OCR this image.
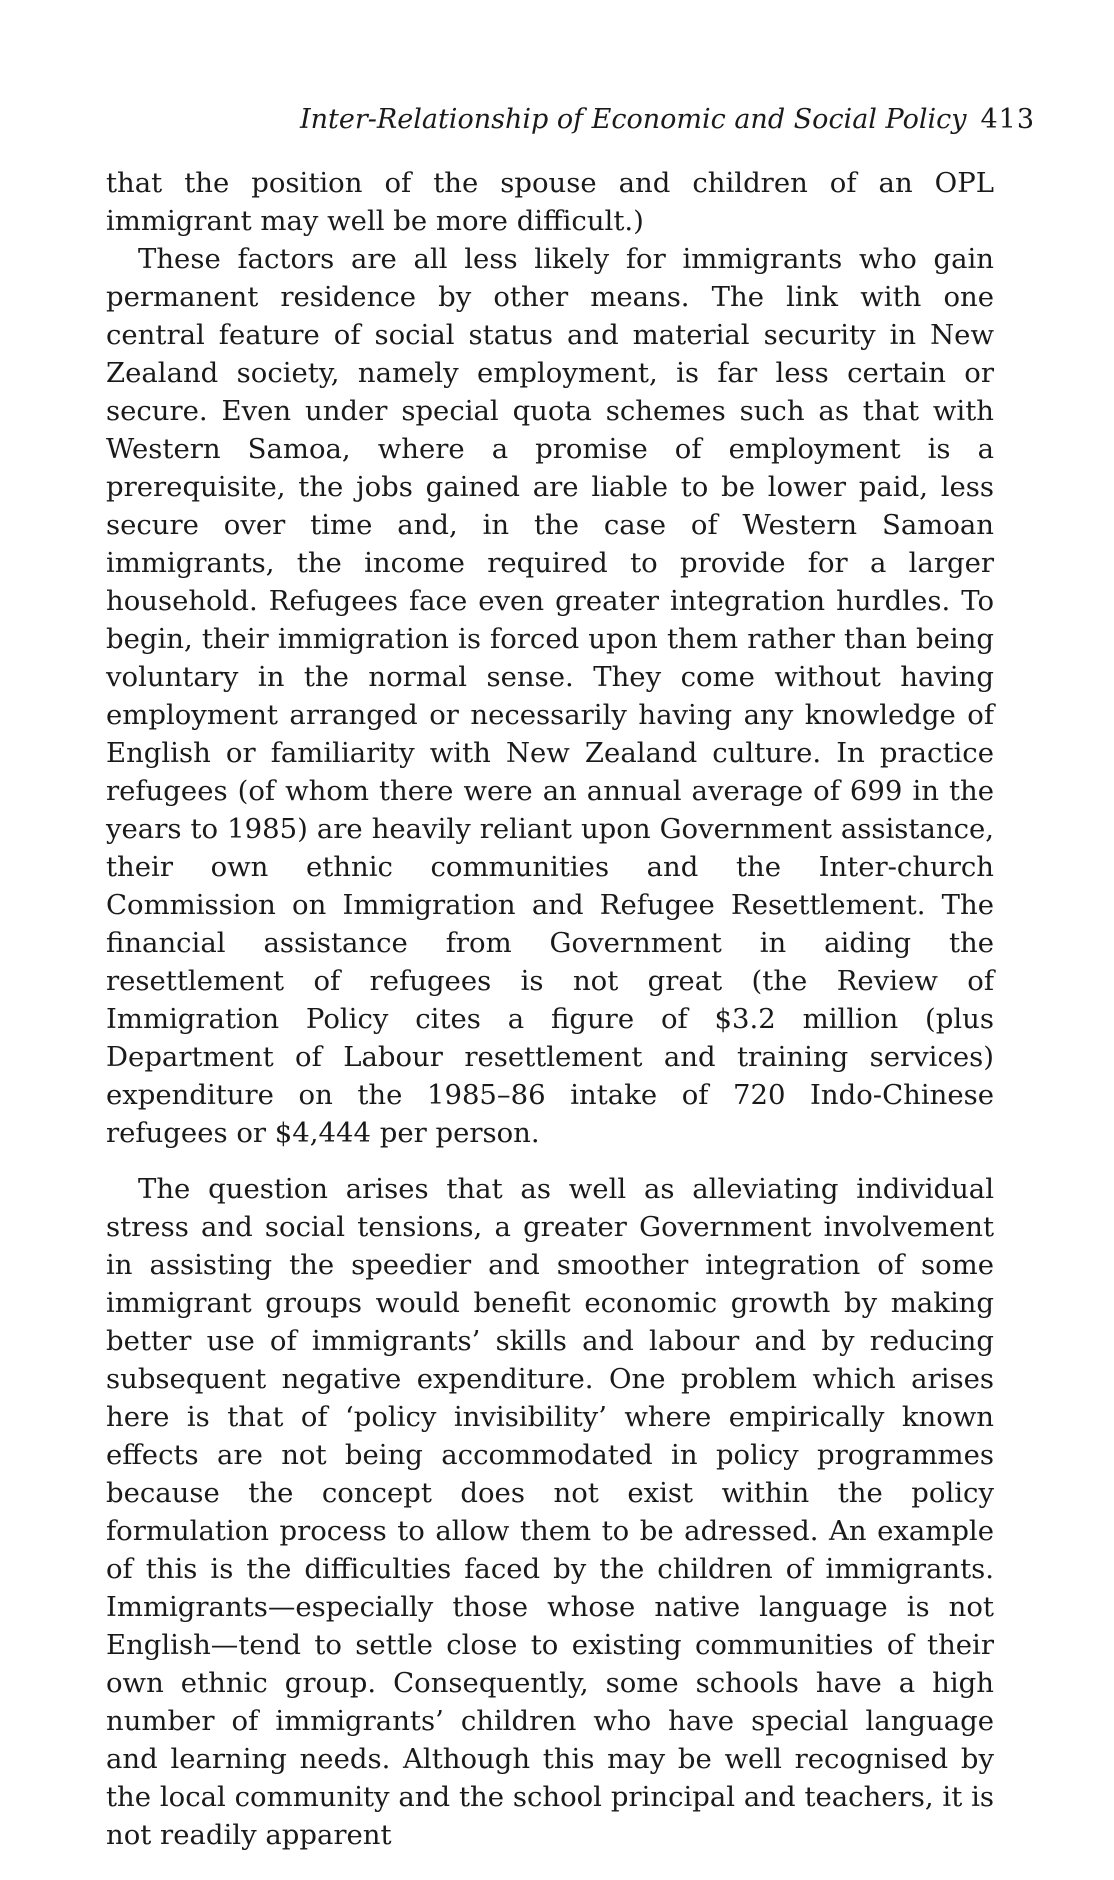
Inter-Relationship of Economic and Social Policy 413

that the position of the spouse and children of an OPL immigrant may well be more difficult.)

These factors are all less likely for immigrants who gain permanent residence by other means. The link with one central feature of social status and material security in New Zealand society, namely employment, is far less certain or secure. Even under special quota schemes such as that with Western Samoa, where a promise of employment is a prerequisite, the jobs gained are liable to be lower paid, less secure over time and, in the case of Western Samoan immigrants, the income required to provide for a larger household. Refugees face even greater integration hurdles. To begin, their immigration is forced upon them rather than being voluntary in the normal sense. They come without having employment arranged or necessarily having any knowledge of English or familiarity with New Zealand culture. In practice refugees (of whom there were an annual average of 699 in the years to 1985) are heavily reliant upon Government assistance, their own ethnic communities and the Inter-church Commission on Immigration and Refugee Resettlement. The financial assistance from Government in aiding the resettlement of refugees is not great (the Review of Immigration Policy cites a figure of $3.2 million (plus Department of Labour resettlement and training services) expenditure on the 1985–86 intake of 720 Indo-Chinese refugees or $4,444 per person.

The question arises that as well as alleviating individual stress and social tensions, a greater Government involvement in assisting the speedier and smoother integration of some immigrant groups would benefit economic growth by making better use of immigrants’ skills and labour and by reducing subsequent negative expenditure. One problem which arises here is that of ‘policy invisibility’ where empirically known effects are not being accommodated in policy programmes because the concept does not exist within the policy formulation process to allow them to be adressed. An example of this is the difficulties faced by the children of immigrants. Immigrants—especially those whose native language is not English—tend to settle close to existing communities of their own ethnic group. Consequently, some schools have a high number of immigrants’ children who have special language and learning needs. Although this may be well recognised by the local community and the school principal and teachers, it is not readily apparent
